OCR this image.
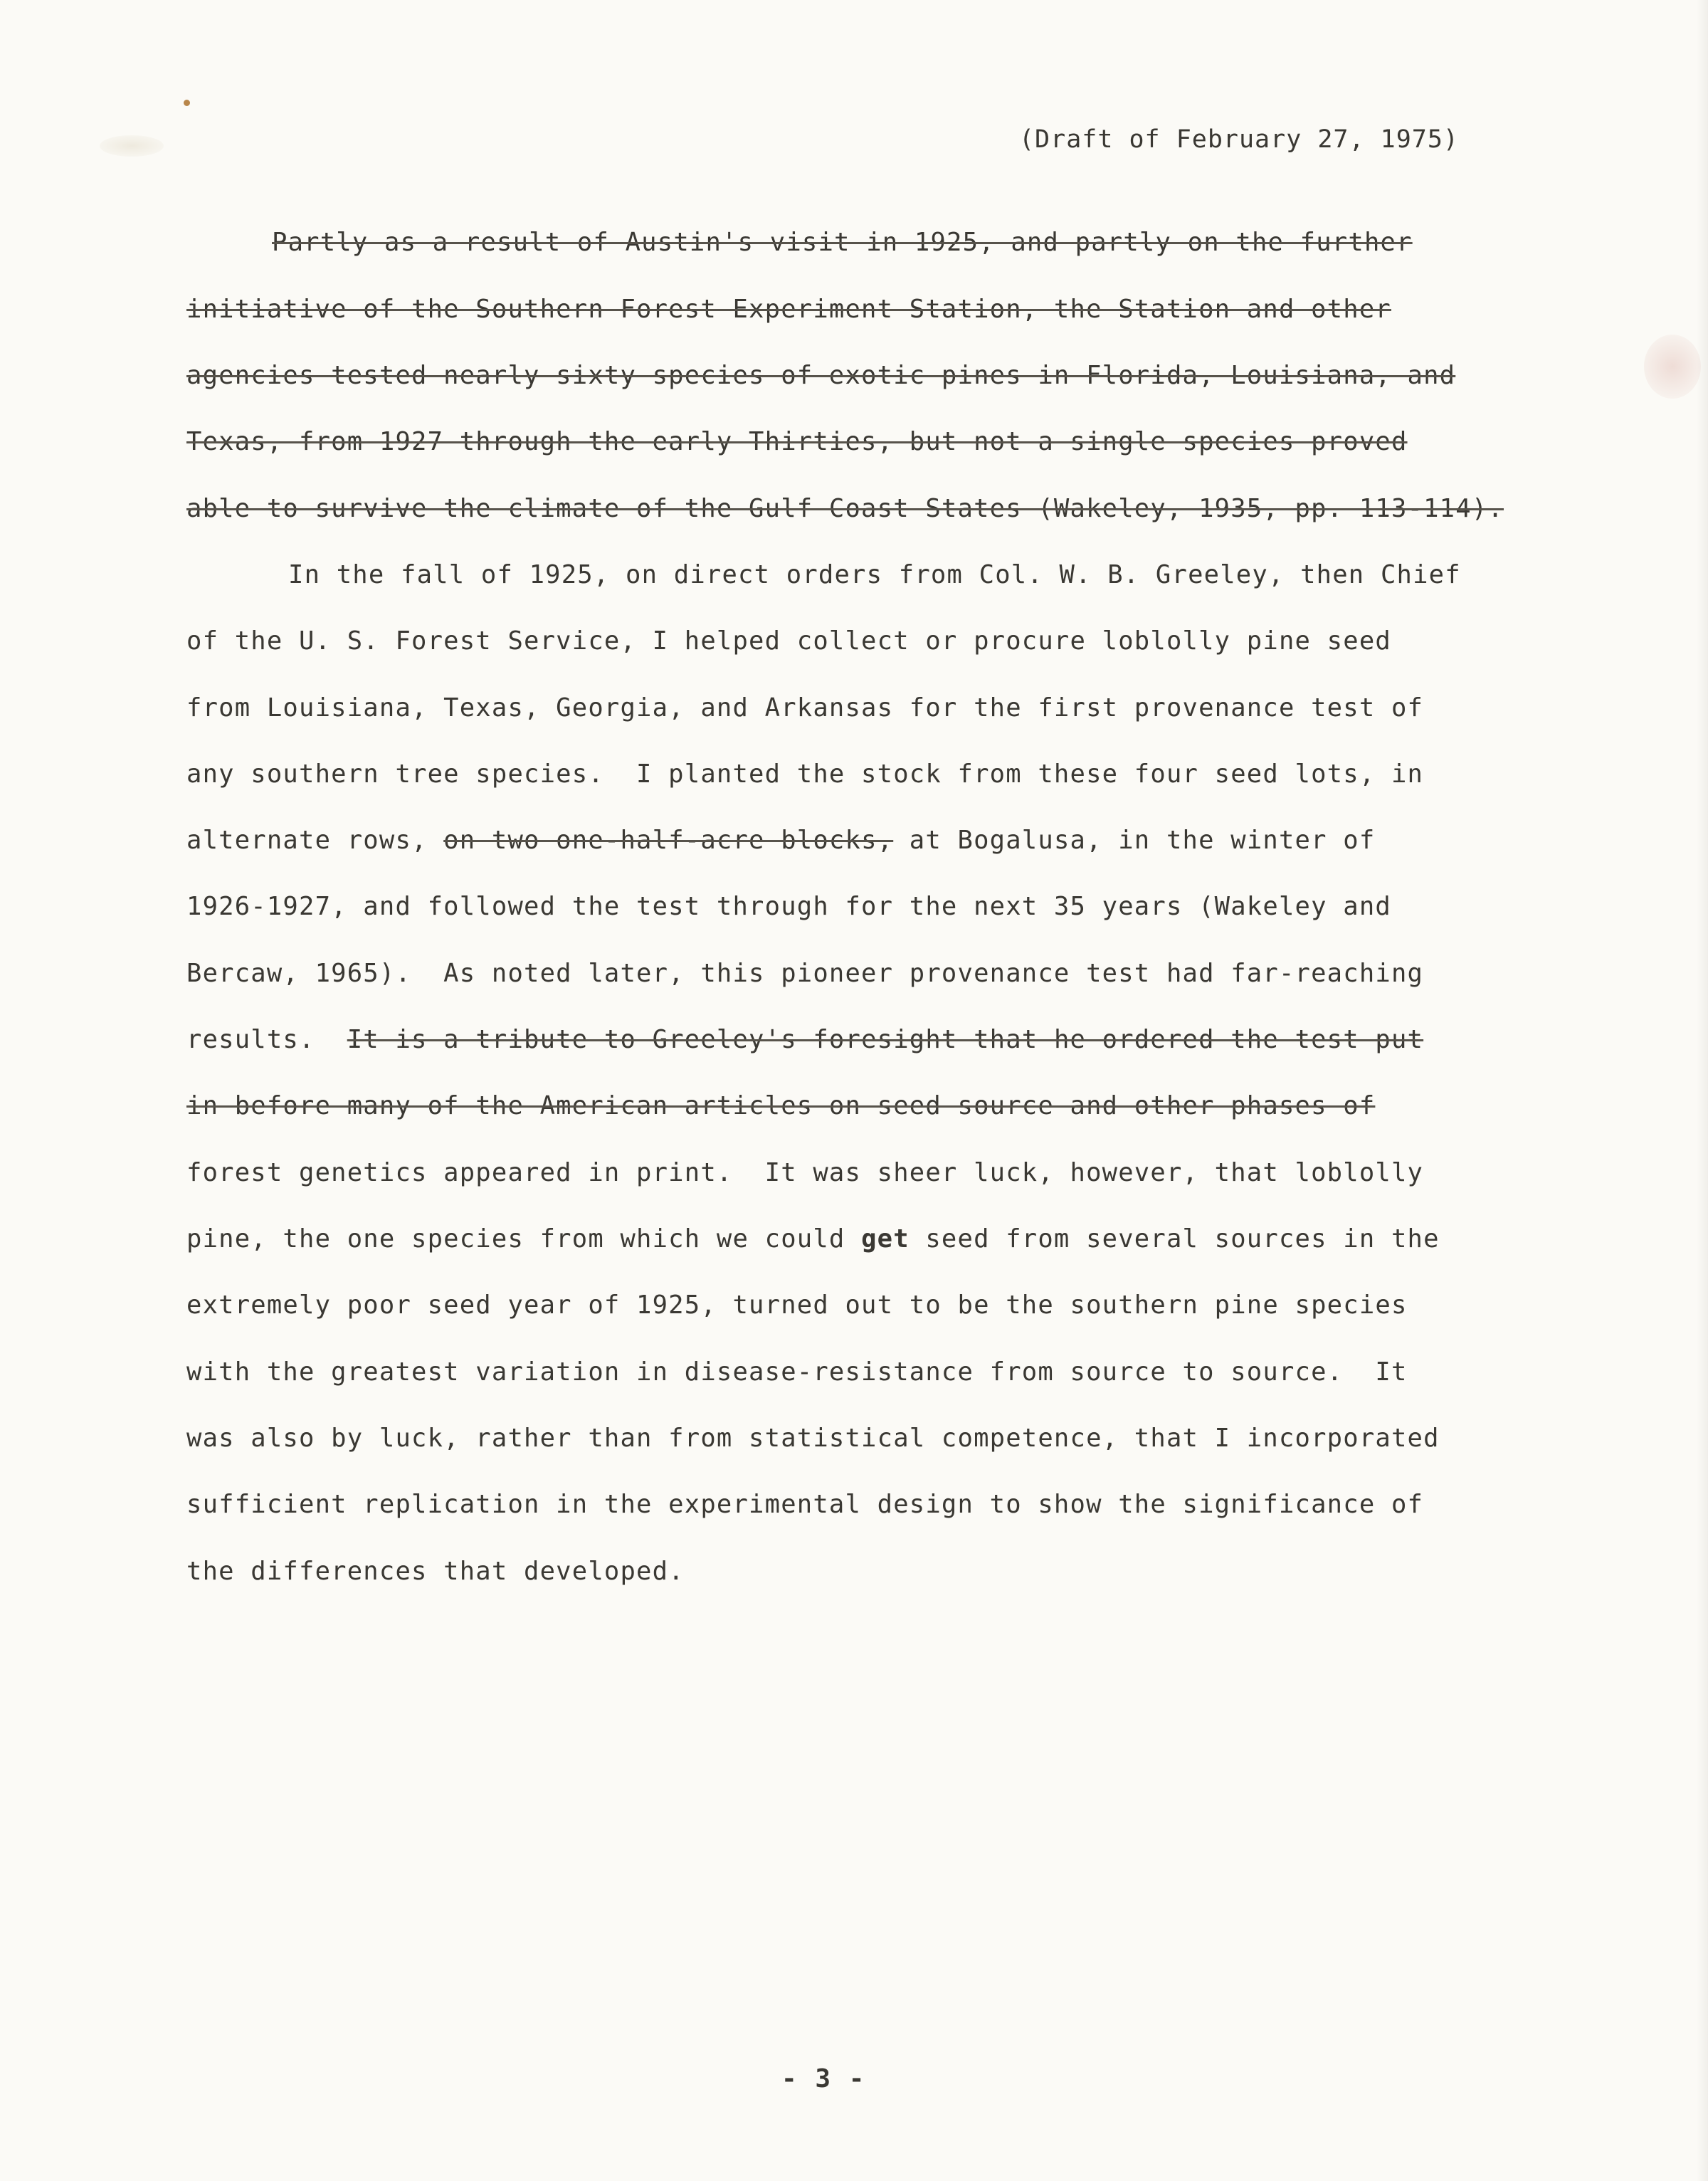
(Draft of February 27, 1975)
Partly as a result of Austin's visit in 1925, and partly on the further
initiative of the Southern Forest Experiment Station, the Station and other
agencies tested nearly sixty species of exotic pines in Florida, Louisiana, and
Texas, from 1927 through the early Thirties, but not a single species proved
able to survive the climate of the Gulf Coast States (Wakeley, 1935, pp. 113-114).
In the fall of 1925, on direct orders from Col. W. B. Greeley, then Chief
of the U. S. Forest Service, I helped collect or procure loblolly pine seed
from Louisiana, Texas, Georgia, and Arkansas for the first provenance test of
any southern tree species.  I planted the stock from these four seed lots, in
alternate rows, on two one-half-acre blocks, at Bogalusa, in the winter of
1926-1927, and followed the test through for the next 35 years (Wakeley and
Bercaw, 1965).  As noted later, this pioneer provenance test had far-reaching
results.  It is a tribute to Greeley's foresight that he ordered the test put
in before many of the American articles on seed source and other phases of
forest genetics appeared in print.  It was sheer luck, however, that loblolly
pine, the one species from which we could get seed from several sources in the
extremely poor seed year of 1925, turned out to be the southern pine species
with the greatest variation in disease-resistance from source to source.  It
was also by luck, rather than from statistical competence, that I incorporated
sufficient replication in the experimental design to show the significance of
the differences that developed.
- 3 -
